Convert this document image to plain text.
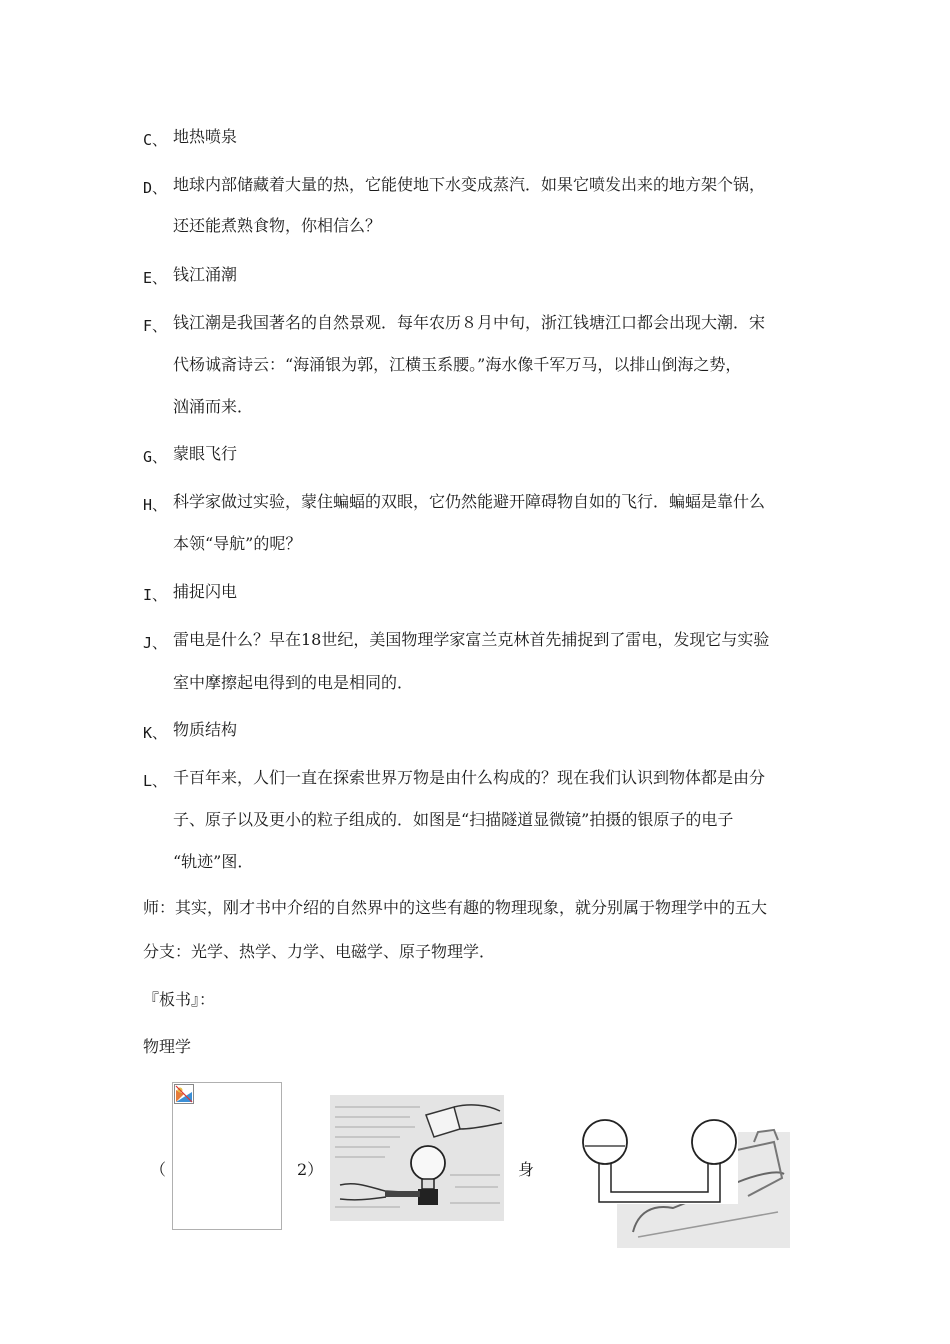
C、 地热喷泉
D、 地球内部储藏着大量的热，它能使地下水变成蒸汽．如果它喷发出来的地方架个锅，
还还能煮熟食物，你相信么？
E、 钱江涌潮
F、 钱江潮是我国著名的自然景观．每年农历８月中旬，浙江钱塘江口都会出现大潮．宋
代杨诚斋诗云：“海涌银为郭，江横玉系腰。”海水像千军万马，以排山倒海之势，
汹涌而来．
G、 蒙眼飞行
H、 科学家做过实验，蒙住蝙蝠的双眼，它仍然能避开障碍物自如的飞行．蝙蝠是靠什么
本领“导航”的呢？
I、 捕捉闪电
J、 雷电是什么？早在18世纪，美国物理学家富兰克林首先捕捉到了雷电，发现它与实验
室中摩擦起电得到的电是相同的．
K、 物质结构
L、 千百年来，人们一直在探索世界万物是由什么构成的？现在我们认识到物体都是由分
子、原子以及更小的粒子组成的．如图是“扫描隧道显微镜”拍摄的银原子的电子
“轨迹”图．
师：其实，刚才书中介绍的自然界中的这些有趣的物理现象，就分别属于物理学中的五大
分支：光学、热学、力学、电磁学、原子物理学．
『板书』：
物理学
（	2）	身
